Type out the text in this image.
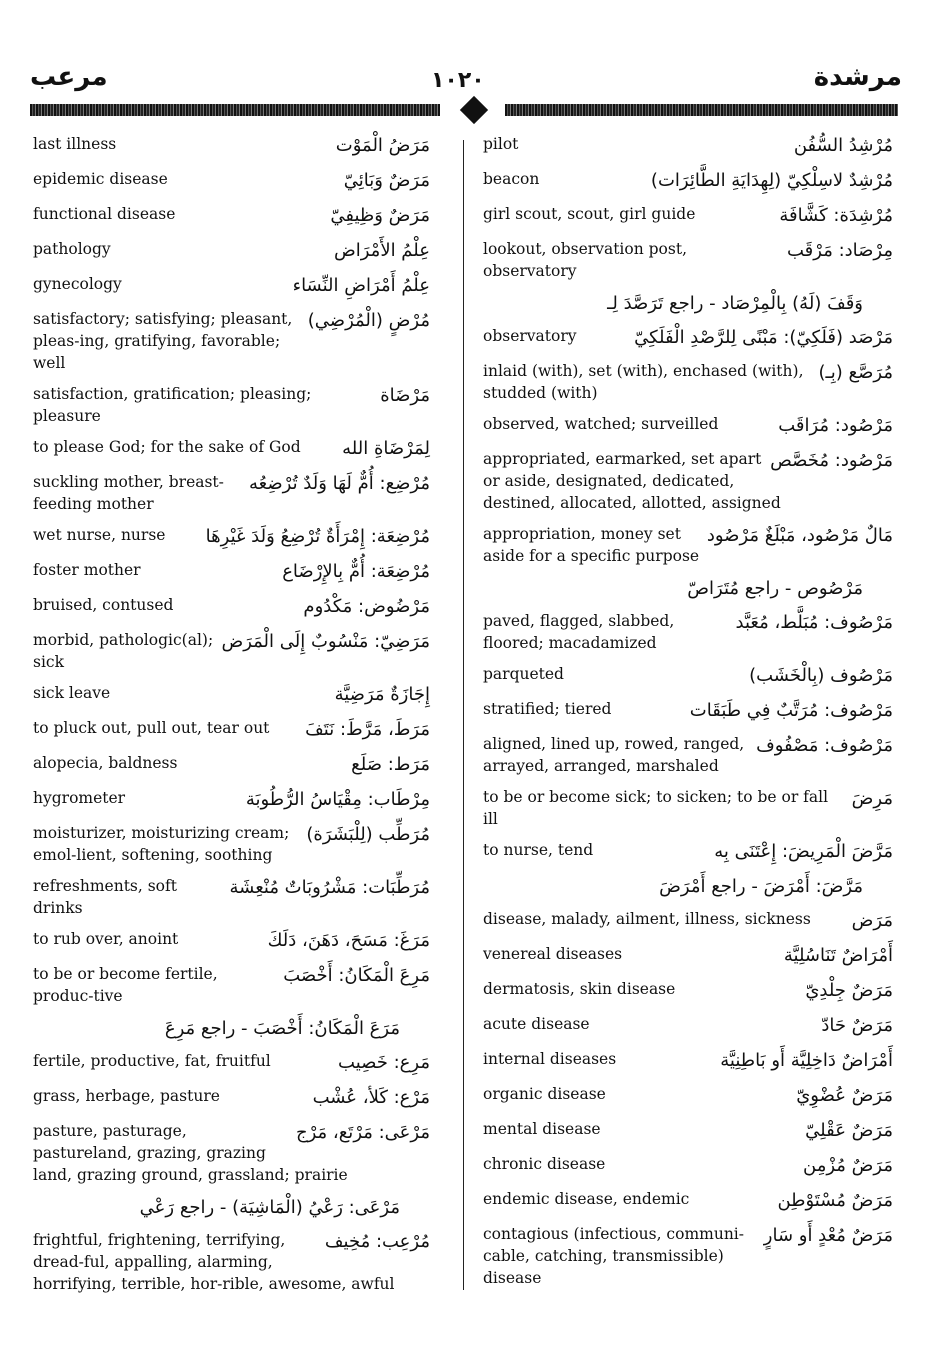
مرعب	١٠٢٠	مرشدة
مَرَضُ الْمَوْت
last illness
مَرَضٌ وَبَائِيّ
epidemic disease
مَرَضٌ وَظِيفِيّ
functional disease
عِلْمُ الأَمْرَاض
pathology
عِلْمُ أَمْرَاضِ النِّسَاء
gynecology
مُرْضٍ (الْمُرْضِي)
satisfactory; satisfying; pleasant, pleas-ing, gratifying, favorable; well
مَرْضَاة
satisfaction, gratification; pleasing; pleasure
لِمَرْضَاةِ الله
to please God; for the sake of God
مُرْضِع: أُمٌّ لَهَا وَلَدٌ تُرْضِعُه
suckling mother, breast-feeding mother
مُرْضِعَة: إِمْرَأَةٌ تُرْضِعُ وَلَدَ غَيْرِهَا
wet nurse, nurse
مُرْضِعَة: أُمٌّ بِالإِرْضَاع
foster mother
مَرْضُوض: مَكْدُوم
bruised, contused
مَرَضِيّ: مَنْسُوبٌ إِلَى الْمَرَض
morbid, pathologic(al); sick
إِجَازَةٌ مَرَضِيَّة
sick leave
مَرَطَ، مَرَّطَ: نَتَفَ
to pluck out, pull out, tear out
مَرَط: صَلَع
alopecia, baldness
مِرْطَاب: مِقْيَاسُ الرُّطُوبَة
hygrometer
مُرَطِّب (لِلْبَشَرَة)
moisturizer, moisturizing cream; emol-lient, softening, soothing
مُرَطِّبَات: مَشْرُوبَاتٌ مُنْعِشَة
refreshments, soft drinks
مَرَغَ: مَسَحَ، دَهَنَ، دَلَكَ
to rub over, anoint
مَرِعَ الْمَكَانُ: أَخْصَبَ
to be or become fertile, produc-tive
مَرَعَ الْمَكَانُ: أَخْصَبَ - راجع مَرِعَ
مَرِع: خَصِيب
fertile, productive, fat, fruitful
مَرْع: كَلأ، عُشْب
grass, herbage, pasture
مَرْعَى: مَرْتَع، مَرْج
pasture, pasturage, pastureland, grazing, grazing land, grazing ground, grassland; prairie
مَرْعَى: رَعْيُ (الْمَاشِيَة) - راجع رَعْي
مُرْعِب: مُخِيف
frightful, frightening, terrifying, dread-ful, appalling, alarming, horrifying, terrible, hor-rible, awesome, awful
مُرْشِدُ السُّفُن
pilot
مُرْشِدٌ لاسِلْكِيّ (لِهِدَايَةِ الطَّائِرَات)
beacon
مُرْشِدَة: كَشَّافَة
girl scout, scout, girl guide
مِرْصَاد: مَرْقَب
lookout, observation post, observatory
وَقَفَ (لَهُ) بِالْمِرْصَاد - راجع تَرَصَّدَ لِـ
مَرْصَد (فَلَكِيّ): مَبْنًى لِلرَّصْدِ الْفَلَكِيّ
observatory
مُرَصَّع (بِـ)
inlaid (with), set (with), enchased (with), studded (with)
مَرْصُود: مُرَاقَب
observed, watched; surveilled
مَرْصُود: مُخَصَّص
appropriated, earmarked, set apart or aside, designated, dedicated, destined, allocated, allotted, assigned
مَالٌ مَرْصُود، مَبْلَغٌ مَرْصُود
appropriation, money set aside for a specific purpose
مَرْصُوص - راجع مُتَرَاصّ
مَرْصُوف: مُبَلَّط، مُعَبَّد
paved, flagged, slabbed, floored; macadamized
مَرْصُوف (بِالْخَشَب)
parqueted
مَرْصُوف: مُرَتَّبٌ فِي طَبَقَات
stratified; tiered
مَرْصُوف: مَصْفُوف
aligned, lined up, rowed, ranged, arrayed, arranged, marshaled
مَرِضَ
to be or become sick; to sicken; to be or fall ill
مَرَّضَ الْمَرِيضَ: إِعْتَنَى بِه
to nurse, tend
مَرَّضَ: أَمْرَضَ - راجع أَمْرَضَ
مَرَض
disease, malady, ailment, illness, sickness
أَمْرَاضٌ تَنَاسُلِيَّة
venereal diseases
مَرَضٌ جِلْدِيّ
dermatosis, skin disease
مَرَضٌ حَادّ
acute disease
أَمْرَاضٌ دَاخِلِيَّة أَو بَاطِنِيَّة
internal diseases
مَرَضٌ عُضْوِيّ
organic disease
مَرَضٌ عَقْلِيّ
mental disease
مَرَضٌ مُزْمِن
chronic disease
مَرَضٌ مُسْتَوْطِن
endemic disease, endemic
مَرَضٌ مُعْدٍ أَو سَارٍ
contagious (infectious, communi-cable, catching, transmissible) disease
